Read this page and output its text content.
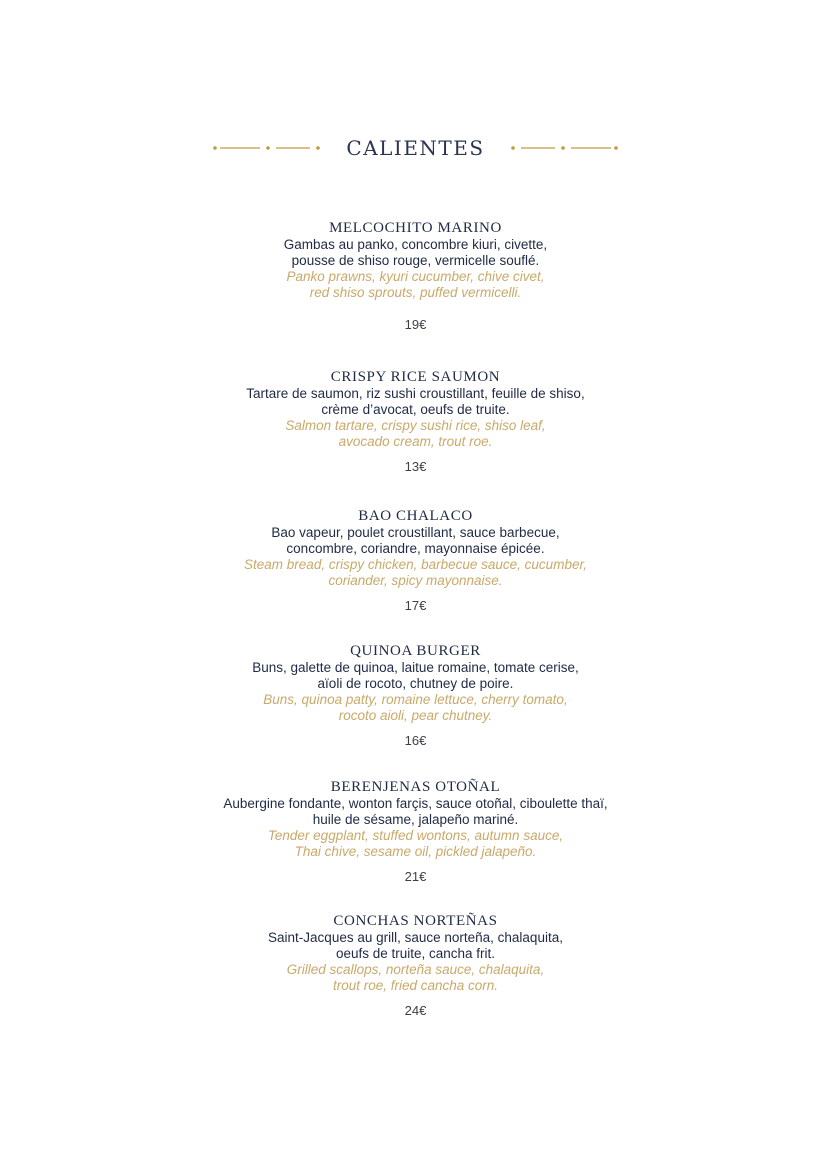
CALIENTES
MELCOCHITO MARINO
Gambas au panko, concombre kiuri, civette,
pousse de shiso rouge, vermicelle souflé.
Panko prawns, kyuri cucumber, chive civet,
red shiso sprouts, puffed vermicelli.
19€
CRISPY RICE SAUMON
Tartare de saumon, riz sushi croustillant, feuille de shiso,
crème d’avocat, oeufs de truite.
Salmon tartare, crispy sushi rice, shiso leaf,
avocado cream, trout roe.
13€
BAO CHALACO
Bao vapeur, poulet croustillant, sauce barbecue,
concombre, coriandre, mayonnaise épicée.
Steam bread, crispy chicken, barbecue sauce, cucumber,
coriander, spicy mayonnaise.
17€
QUINOA BURGER
Buns, galette de quinoa, laitue romaine, tomate cerise,
aïoli de rocoto, chutney de poire.
Buns, quinoa patty, romaine lettuce, cherry tomato,
rocoto aioli, pear chutney.
16€
BERENJENAS OTOÑAL
Aubergine fondante, wonton farçis, sauce otoñal, ciboulette thaï,
huile de sésame, jalapeño mariné.
Tender eggplant, stuffed wontons, autumn sauce,
Thai chive, sesame oil, pickled jalapeño.
21€
CONCHAS NORTEÑAS
Saint-Jacques au grill, sauce norteña, chalaquita,
oeufs de truite, cancha frit.
Grilled scallops, norteña sauce, chalaquita,
trout roe, fried cancha corn.
24€
